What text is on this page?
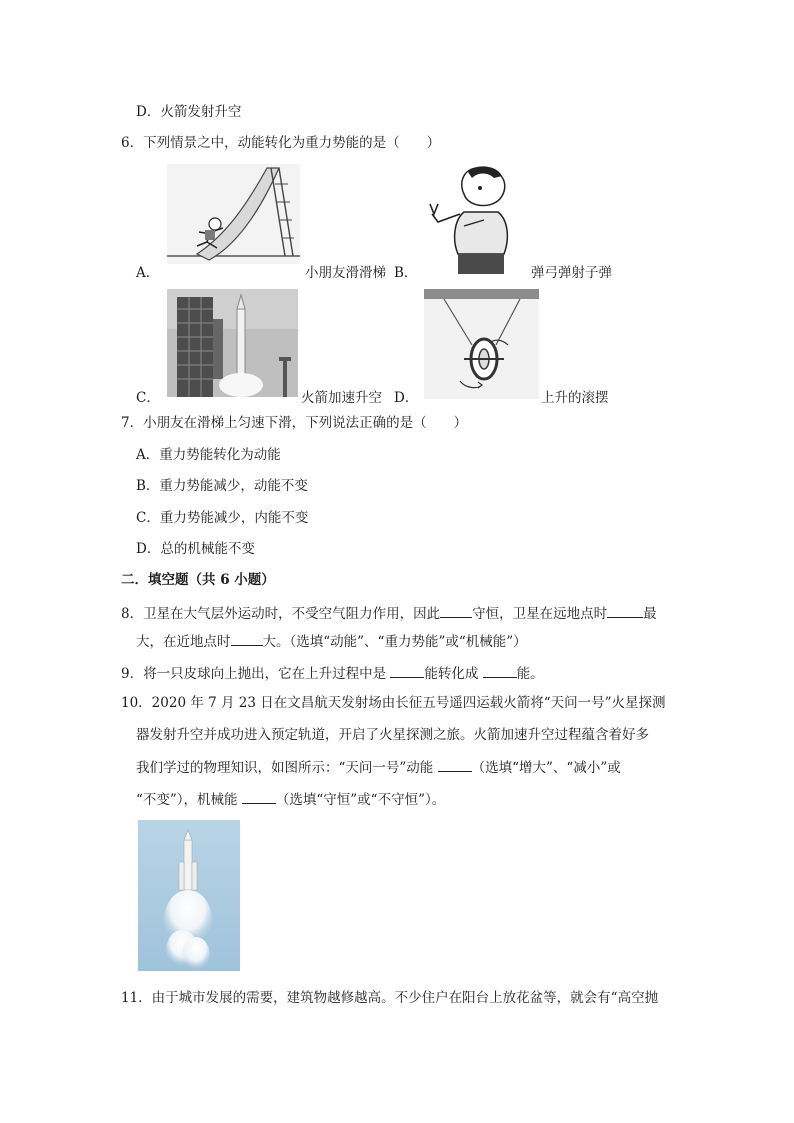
D．火箭发射升空
6．下列情景之中，动能转化为重力势能的是（　　）
A．	小朋友滑滑梯 B．	弹弓弹射子弹
C．	火箭加速升空 D．	上升的滚摆
7．小朋友在滑梯上匀速下滑，下列说法正确的是（　　）
A．重力势能转化为动能
B．重力势能减少，动能不变
C．重力势能减少，内能不变
D．总的机械能不变
二．填空题（共 6 小题）
8．卫星在大气层外运动时，不受空气阻力作用，因此 守恒，卫星在远地点时	最
大，在近地点时 大。（选填“动能”、“重力势能”或“机械能”）
9．将一只皮球向上抛出，它在上升过程中是	能转化成	能。
10．2020 年 7 月 23 日在文昌航天发射场由长征五号遥四运载火箭将“天问一号”火星探测
器发射升空并成功进入预定轨道，开启了火星探测之旅。火箭加速升空过程蕴含着好多
我们学过的物理知识，如图所示：“天问一号”动能	（选填“增大”、“减小”或
“不变”），机械能	（选填“守恒”或“不守恒”）。
11．由于城市发展的需要，建筑物越修越高。不少住户在阳台上放花盆等，就会有“高空抛
